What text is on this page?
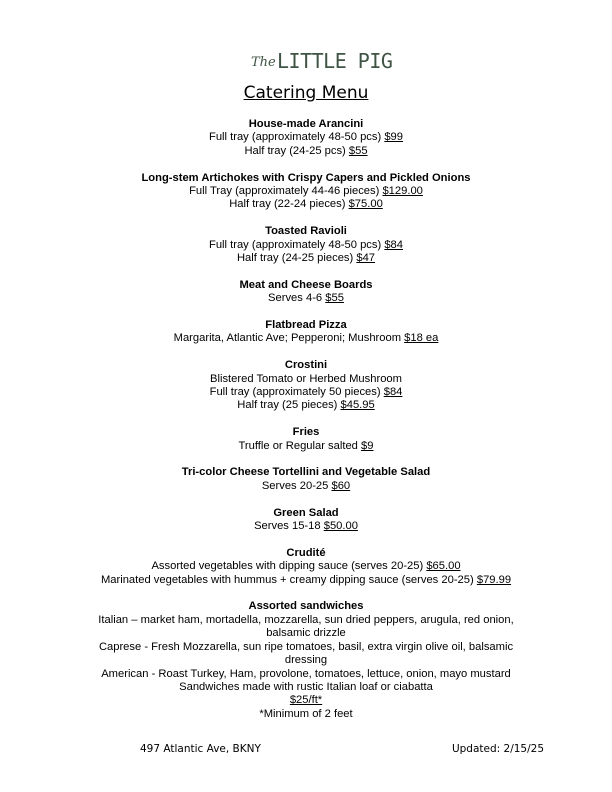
The LITTLE PIG
Catering Menu
House-made Arancini
Full tray (approximately 48-50 pcs) $99
Half tray (24-25 pcs) $55
Long-stem Artichokes with Crispy Capers and Pickled Onions
Full Tray (approximately 44-46 pieces) $129.00
Half tray (22-24 pieces) $75.00
Toasted Ravioli
Full tray (approximately 48-50 pcs) $84
Half tray (24-25 pieces) $47
Meat and Cheese Boards
Serves 4-6 $55
Flatbread Pizza
Margarita, Atlantic Ave; Pepperoni; Mushroom $18 ea
Crostini
Blistered Tomato or Herbed Mushroom
Full tray (approximately 50 pieces) $84
Half tray (25 pieces) $45.95
Fries
Truffle or Regular salted $9
Tri-color Cheese Tortellini and Vegetable Salad
Serves 20-25 $60
Green Salad
Serves 15-18 $50.00
Crudité
Assorted vegetables with dipping sauce (serves 20-25) $65.00
Marinated vegetables with hummus + creamy dipping sauce (serves 20-25) $79.99
Assorted sandwiches
Italian – market ham, mortadella, mozzarella, sun dried peppers, arugula, red onion,
balsamic drizzle
Caprese - Fresh Mozzarella, sun ripe tomatoes, basil, extra virgin olive oil, balsamic
dressing
American - Roast Turkey, Ham, provolone, tomatoes, lettuce, onion, mayo mustard
Sandwiches made with rustic Italian loaf or ciabatta
$25/ft*
*Minimum of 2 feet
497 Atlantic Ave, BKNY	Updated: 2/15/25
